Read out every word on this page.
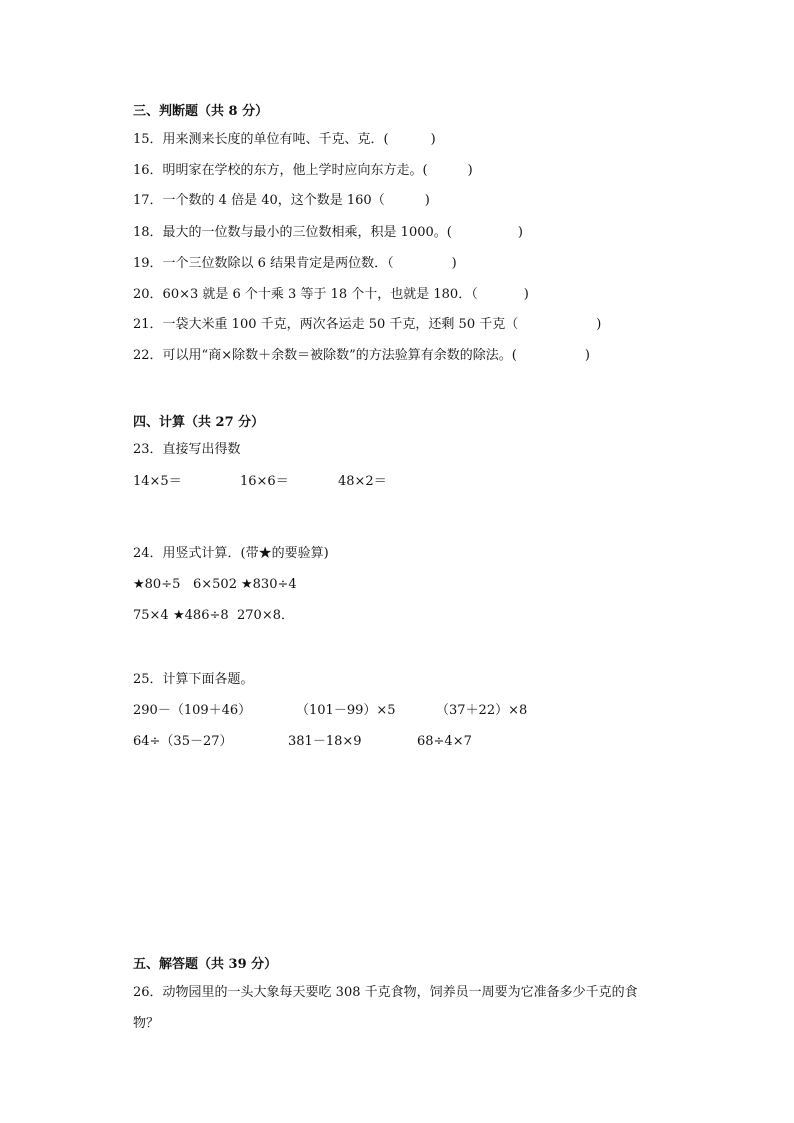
三、判断题（共 8 分）
15．用来测来长度的单位有吨、千克、克．(	)
16．明明家在学校的东方，他上学时应向东方走。(	)
17．一个数的 4 倍是 40，这个数是 160（	)
18．最大的一位数与最小的三位数相乘，积是 1000。(	)
19．一个三位数除以 6 结果肯定是两位数．（	)
20．60×3 就是 6 个十乘 3 等于 18 个十，也就是 180．（	)
21．一袋大米重 100 千克，两次各运走 50 千克，还剩 50 千克（	)
22．可以用“商×除数＋余数＝被除数”的方法验算有余数的除法。(	)
四、计算（共 27 分）
23．直接写出得数
14×5＝	16×6＝	48×2＝
24．用竖式计算．(带★的要验算)
★80÷5 6×502 ★830÷4
75×4 ★486÷8 270×8．
25．计算下面各题。
290－（109＋46）	（101－99）×5	（37＋22）×8
64÷（35－27）	381－18×9	68÷4×7
五、解答题（共 39 分）
26．动物园里的一头大象每天要吃 308 千克食物，饲养员一周要为它准备多少千克的食
物？
